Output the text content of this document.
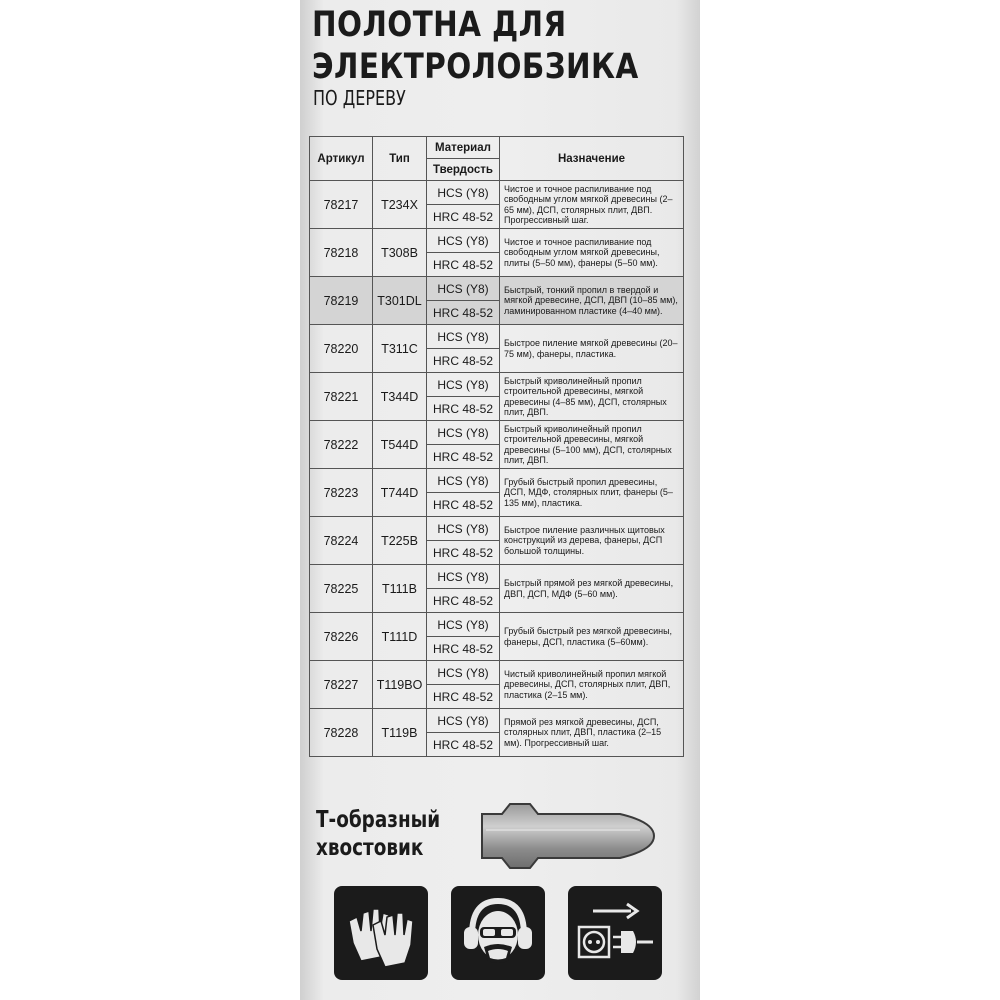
ПОЛОТНА ДЛЯ
ЭЛЕКТРОЛОБЗИКА
ПО ДЕРЕВУ
Артикул	Тип	Материал	Назначение
		Твердость	
78217	T234X	HCS (Y8)	Чистое и точное распиливание под свободным углом мягкой древесины (2–65 мм), ДСП, столярных плит, ДВП. Прогрессивный шаг.
		HRC 48-52	
78218	T308B	HCS (Y8)	Чистое и точное распиливание под свободным углом мягкой древесины, плиты (5–50 мм), фанеры (5–50 мм).
		HRC 48-52	
78219	T301DL	HCS (Y8)	Быстрый, тонкий пропил в твердой и мягкой древесине, ДСП, ДВП (10–85 мм), ламинированном пластике (4–40 мм).
		HRC 48-52	
78220	T311C	HCS (Y8)	Быстрое пиление мягкой древесины (20–75 мм), фанеры, пластика.
		HRC 48-52	
78221	T344D	HCS (Y8)	Быстрый криволинейный пропил строительной древесины, мягкой древесины (4–85 мм), ДСП, столярных плит, ДВП.
		HRC 48-52	
78222	T544D	HCS (Y8)	Быстрый криволинейный пропил строительной древесины, мягкой древесины (5–100 мм), ДСП, столярных плит, ДВП.
		HRC 48-52	
78223	T744D	HCS (Y8)	Грубый быстрый пропил древесины, ДСП, МДФ, столярных плит, фанеры (5–135 мм), пластика.
		HRC 48-52	
78224	T225B	HCS (Y8)	Быстрое пиление различных щитовых конструкций из дерева, фанеры, ДСП большой толщины.
		HRC 48-52	
78225	T111B	HCS (Y8)	Быстрый прямой рез мягкой древесины, ДВП, ДСП, МДФ (5–60 мм).
		HRC 48-52	
78226	T111D	HCS (Y8)	Грубый быстрый рез мягкой древесины, фанеры, ДСП, пластика (5–60мм).
		HRC 48-52	
78227	T119BO	HCS (Y8)	Чистый криволинейный пропил мягкой древесины, ДСП, столярных плит, ДВП, пластика (2–15 мм).
		HRC 48-52	
78228	T119B	HCS (Y8)	Прямой рез мягкой древесины, ДСП, столярных плит, ДВП, пластика (2–15 мм). Прогрессивный шаг.
		HRC 48-52	
Т-образный
хвостовик
